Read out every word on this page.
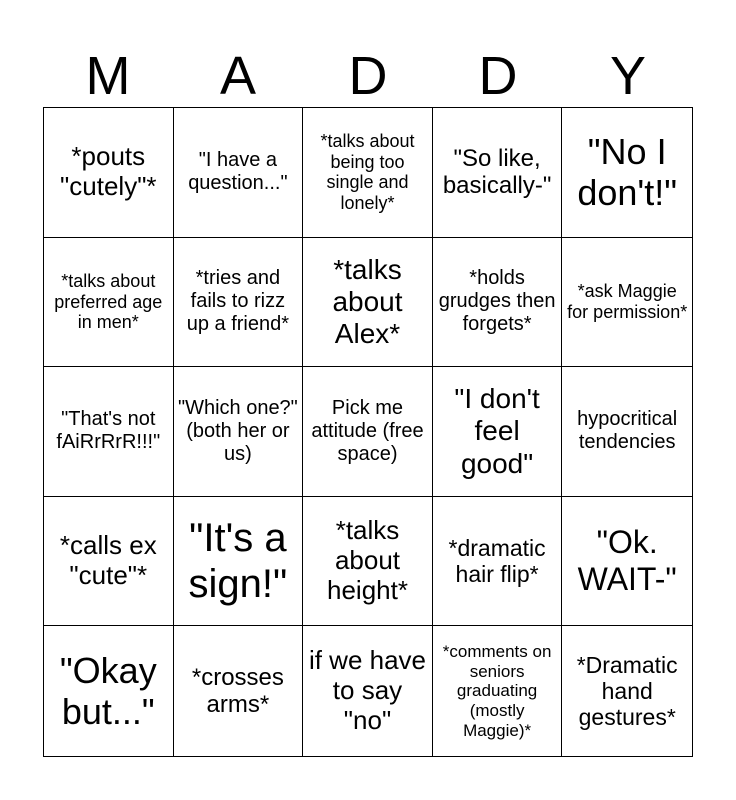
M	A	D	D	Y
*pouts "cutely"*
"I have a question..."
*talks about being too single and lonely*
"So like, basically-"
"No I don't!"
*talks about preferred age in men*
*tries and fails to rizz up a friend*
*talks about Alex*
*holds grudges then forgets*
*ask Maggie for permission*
"That's not fAiRrRrR!!!"
"Which one?" (both her or us)
Pick me attitude (free space)
"I don't feel good"
hypocritical tendencies
*calls ex "cute"*
"It's a sign!"
*talks about height*
*dramatic hair flip*
"Ok. WAIT-"
"Okay but..."
*crosses arms*
if we have to say "no"
*comments on seniors graduating (mostly Maggie)*
*Dramatic hand gestures*
